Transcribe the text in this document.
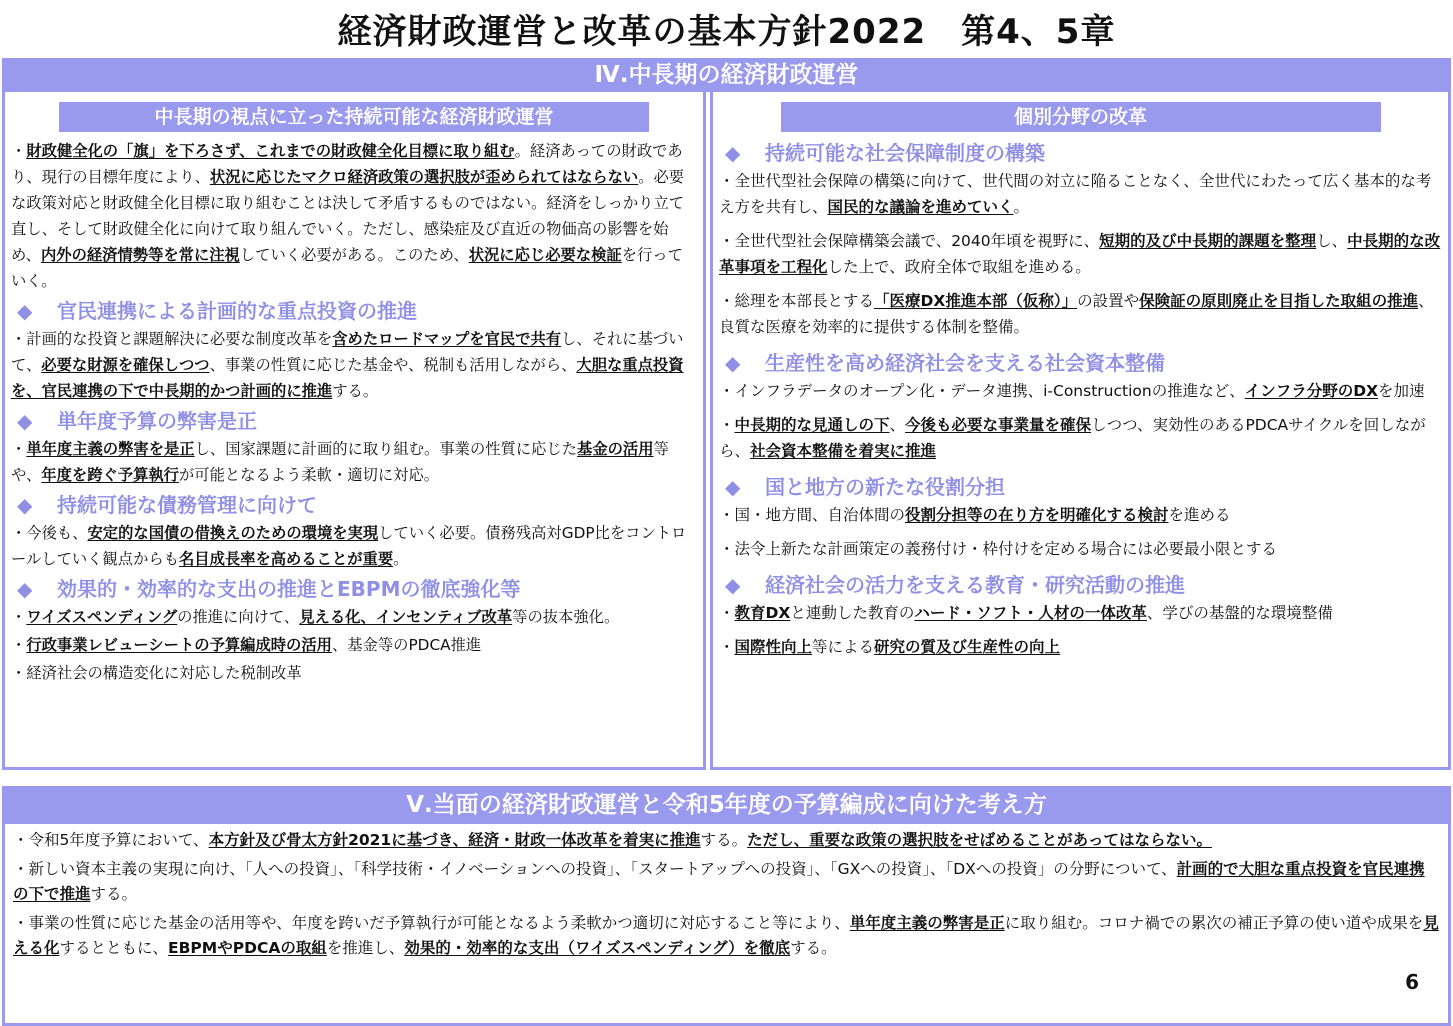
経済財政運営と改革の基本方針2022　第4、5章
Ⅳ.中長期の経済財政運営
中長期の視点に立った持続可能な経済財政運営
・財政健全化の「旗」を下ろさず、これまでの財政健全化目標に取り組む。経済あっての財政であり、現行の目標年度により、状況に応じたマクロ経済政策の選択肢が歪められてはならない。必要な政策対応と財政健全化目標に取り組むことは決して矛盾するものではない。経済をしっかり立て直し、そして財政健全化に向けて取り組んでいく。ただし、感染症及び直近の物価高の影響を始め、内外の経済情勢等を常に注視していく必要がある。このため、状況に応じ必要な検証を行っていく。
◆ 官民連携による計画的な重点投資の推進
・計画的な投資と課題解決に必要な制度改革を含めたロードマップを官民で共有し、それに基づいて、必要な財源を確保しつつ、事業の性質に応じた基金や、税制も活用しながら、大胆な重点投資を、官民連携の下で中長期的かつ計画的に推進する。
◆ 単年度予算の弊害是正
・単年度主義の弊害を是正し、国家課題に計画的に取り組む。事業の性質に応じた基金の活用等や、年度を跨ぐ予算執行が可能となるよう柔軟・適切に対応。
◆ 持続可能な債務管理に向けて
・今後も、安定的な国債の借換えのための環境を実現していく必要。債務残高対GDP比をコントロールしていく観点からも名目成長率を高めることが重要。
◆ 効果的・効率的な支出の推進とEBPMの徹底強化等
・ワイズスペンディングの推進に向けて、見える化、インセンティブ改革等の抜本強化。
・行政事業レビューシートの予算編成時の活用、基金等のPDCA推進
・経済社会の構造変化に対応した税制改革
個別分野の改革
◆ 持続可能な社会保障制度の構築
・全世代型社会保障の構築に向けて、世代間の対立に陥ることなく、全世代にわたって広く基本的な考え方を共有し、国民的な議論を進めていく。
・全世代型社会保障構築会議で、2040年頃を視野に、短期的及び中長期的課題を整理し、中長期的な改革事項を工程化した上で、政府全体で取組を進める。
・総理を本部長とする「医療DX推進本部（仮称）」の設置や保険証の原則廃止を目指した取組の推進、良質な医療を効率的に提供する体制を整備。
◆ 生産性を高め経済社会を支える社会資本整備
・インフラデータのオープン化・データ連携、i-Constructionの推進など、インフラ分野のDXを加速
・中長期的な見通しの下、今後も必要な事業量を確保しつつ、実効性のあるPDCAサイクルを回しながら、社会資本整備を着実に推進
◆ 国と地方の新たな役割分担
・国・地方間、自治体間の役割分担等の在り方を明確化する検討を進める
・法令上新たな計画策定の義務付け・枠付けを定める場合には必要最小限とする
◆ 経済社会の活力を支える教育・研究活動の推進
・教育DXと連動した教育のハード・ソフト・人材の一体改革、学びの基盤的な環境整備
・国際性向上等による研究の質及び生産性の向上
Ⅴ.当面の経済財政運営と令和5年度の予算編成に向けた考え方
・令和5年度予算において、本方針及び骨太方針2021に基づき、経済・財政一体改革を着実に推進する。ただし、重要な政策の選択肢をせばめることがあってはならない。
・新しい資本主義の実現に向け、「人への投資」、「科学技術・イノベーションへの投資」、「スタートアップへの投資」、「GXへの投資」、「DXへの投資」の分野について、計画的で大胆な重点投資を官民連携の下で推進する。
・事業の性質に応じた基金の活用等や、年度を跨いだ予算執行が可能となるよう柔軟かつ適切に対応すること等により、単年度主義の弊害是正に取り組む。コロナ禍での累次の補正予算の使い道や成果を見える化するとともに、EBPMやPDCAの取組を推進し、効果的・効率的な支出（ワイズスペンディング）を徹底する。
6
